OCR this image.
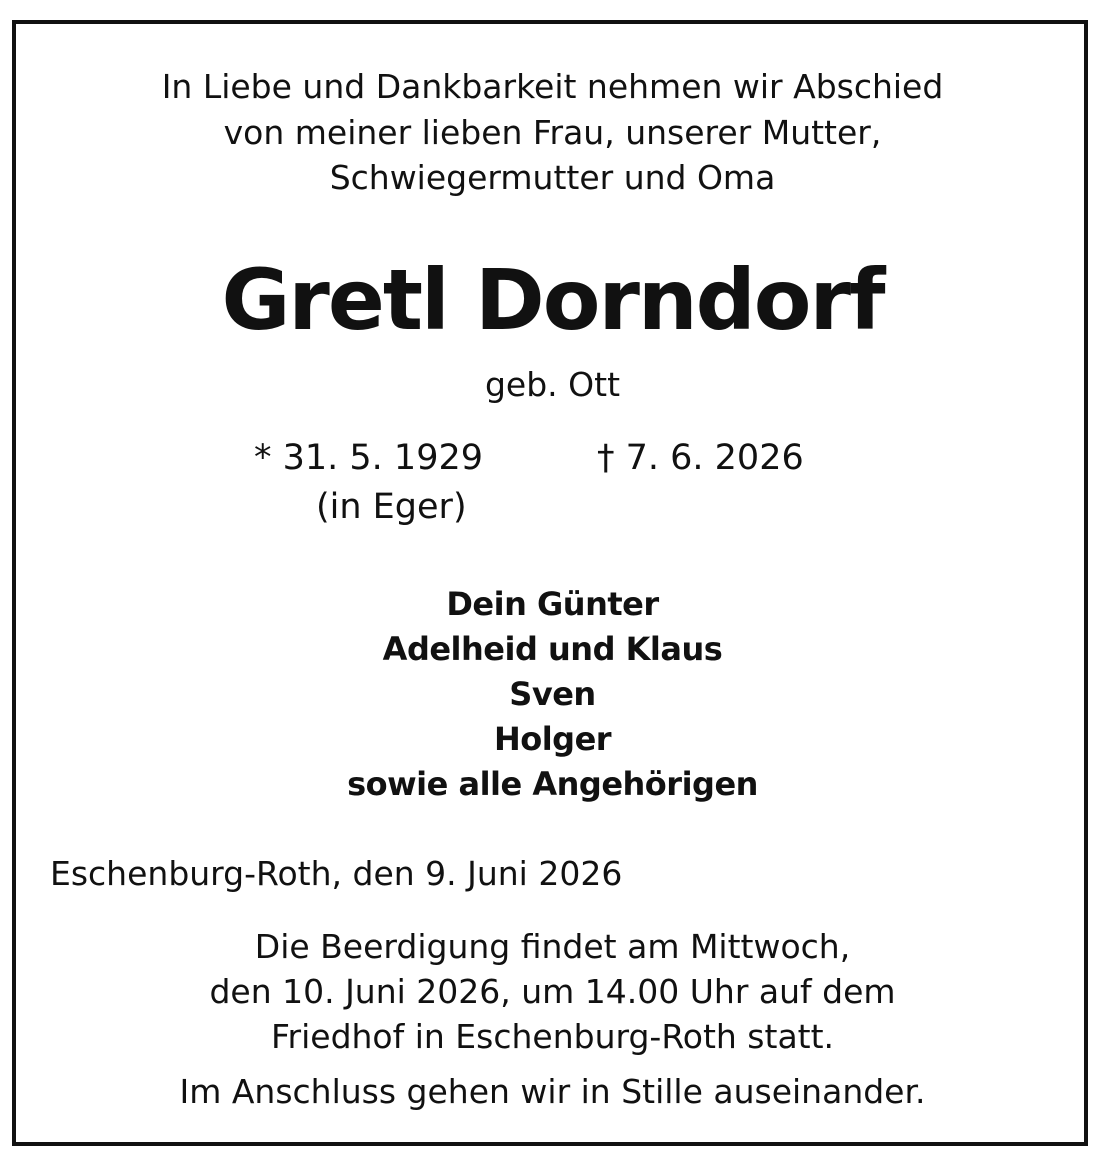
In Liebe und Dankbarkeit nehmen wir Abschied
von meiner lieben Frau, unserer Mutter,
Schwiegermutter und Oma
Gretl Dorndorf
geb. Ott
* 31. 5. 1929
(in Eger)
† 7. 6. 2026
Dein Günter
Adelheid und Klaus
Sven
Holger
sowie alle Angehörigen
Eschenburg-Roth, den 9. Juni 2026
Die Beerdigung findet am Mittwoch,
den 10. Juni 2026, um 14.00 Uhr auf dem
Friedhof in Eschenburg-Roth statt.
Im Anschluss gehen wir in Stille auseinander.
